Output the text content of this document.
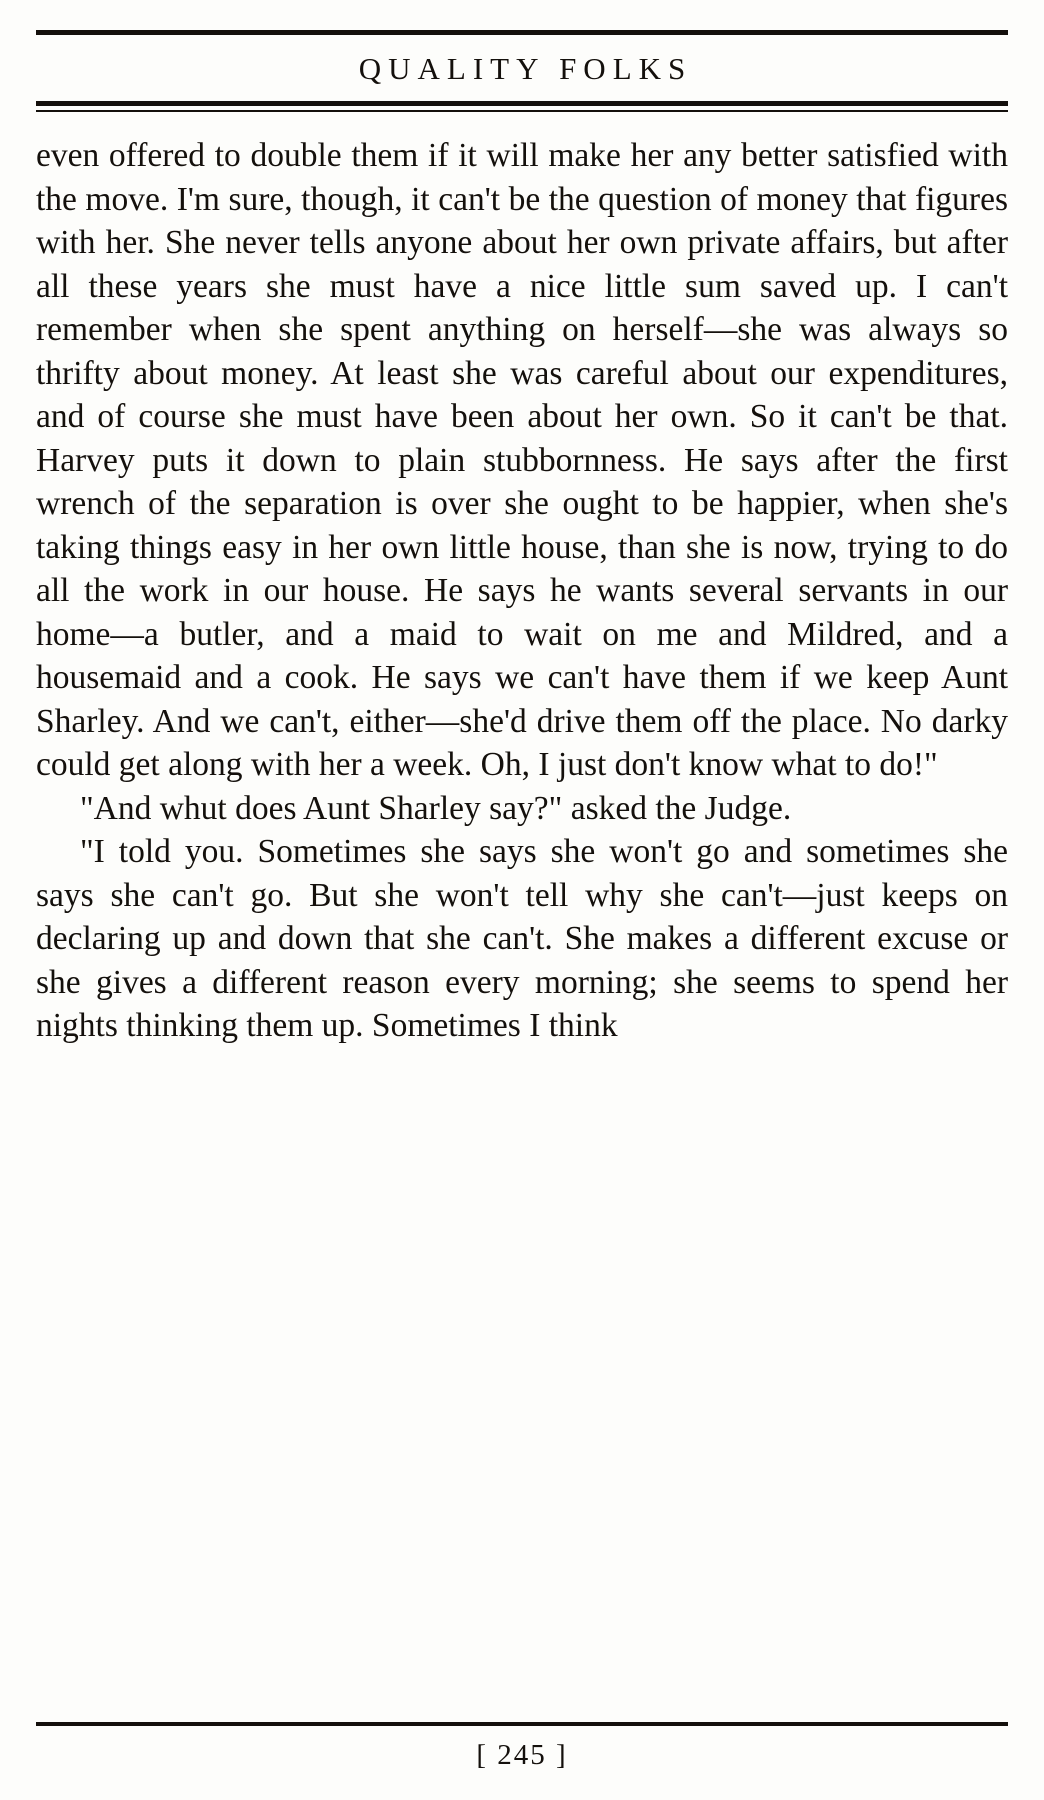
QUALITY FOLKS

even offered to double them if it will make her any better satisfied with the move. I'm sure, though, it can't be the question of money that figures with her. She never tells anyone about her own private affairs, but after all these years she must have a nice little sum saved up. I can't remember when she spent anything on herself—she was always so thrifty about money. At least she was careful about our expenditures, and of course she must have been about her own. So it can't be that. Harvey puts it down to plain stubbornness. He says after the first wrench of the separation is over she ought to be happier, when she's taking things easy in her own little house, than she is now, trying to do all the work in our house. He says he wants several servants in our home—a butler, and a maid to wait on me and Mildred, and a housemaid and a cook. He says we can't have them if we keep Aunt Sharley. And we can't, either—she'd drive them off the place. No darky could get along with her a week. Oh, I just don't know what to do!"

"And whut does Aunt Sharley say?" asked the Judge.

"I told you. Sometimes she says she won't go and sometimes she says she can't go. But she won't tell why she can't—just keeps on declaring up and down that she can't. She makes a different excuse or she gives a different reason every morning; she seems to spend her nights thinking them up. Sometimes I think

[ 245 ]
